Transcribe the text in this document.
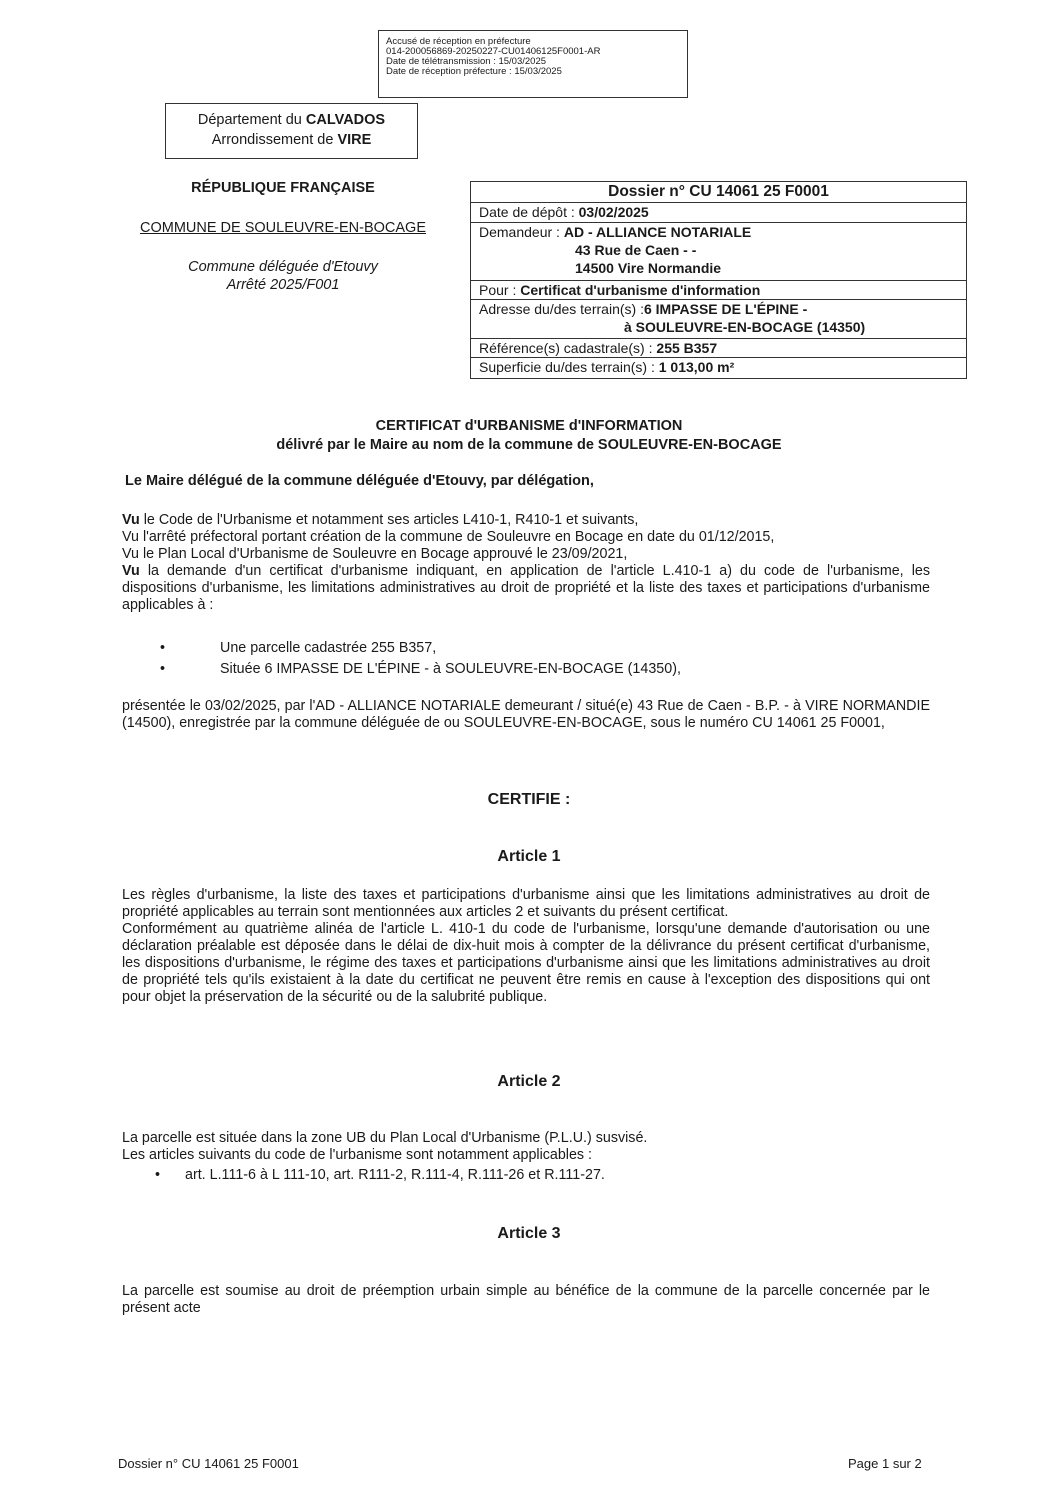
Accusé de réception en préfecture
014-200056869-20250227-CU01406125F0001-AR
Date de télétransmission : 15/03/2025
Date de réception préfecture : 15/03/2025
Département du CALVADOS
Arrondissement de VIRE
RÉPUBLIQUE FRANÇAISE
COMMUNE DE SOULEUVRE-EN-BOCAGE
Commune déléguée d'Etouvy
Arrêté 2025/F001
Dossier n° CU 14061 25 F0001
Date de dépôt : 03/02/2025
Demandeur : AD - ALLIANCE NOTARIALE
43 Rue de Caen - -
14500 Vire Normandie
Pour : Certificat d'urbanisme d'information
Adresse du/des terrain(s) :6 IMPASSE DE L'ÉPINE -
à SOULEUVRE-EN-BOCAGE (14350)
Référence(s) cadastrale(s) : 255 B357
Superficie du/des terrain(s) : 1 013,00 m²
CERTIFICAT d'URBANISME d'INFORMATION
délivré par le Maire au nom de la commune de SOULEUVRE-EN-BOCAGE
Le Maire délégué de la commune déléguée d'Etouvy, par délégation,
Vu le Code de l'Urbanisme et notamment ses articles L410-1, R410-1 et suivants,
Vu l'arrêté préfectoral portant création de la commune de Souleuvre en Bocage en date du 01/12/2015,
Vu le Plan Local d'Urbanisme de Souleuvre en Bocage approuvé le 23/09/2021,
Vu la demande d'un certificat d'urbanisme indiquant, en application de l'article L.410-1 a) du code de l'urbanisme, les dispositions d'urbanisme, les limitations administratives au droit de propriété et la liste des taxes et participations d'urbanisme applicables à :
•	Une parcelle cadastrée 255 B357,
•	Située 6 IMPASSE DE L'ÉPINE - à SOULEUVRE-EN-BOCAGE (14350),
présentée le 03/02/2025, par l'AD - ALLIANCE NOTARIALE demeurant / situé(e) 43 Rue de Caen - B.P. - à VIRE NORMANDIE (14500), enregistrée par la commune déléguée de ou SOULEUVRE-EN-BOCAGE, sous le numéro CU 14061 25 F0001,
CERTIFIE :
Article 1
Les règles d'urbanisme, la liste des taxes et participations d'urbanisme ainsi que les limitations administratives au droit de propriété applicables au terrain sont mentionnées aux articles 2 et suivants du présent certificat.
Conformément au quatrième alinéa de l'article L. 410-1 du code de l'urbanisme, lorsqu'une demande d'autorisation ou une déclaration préalable est déposée dans le délai de dix-huit mois à compter de la délivrance du présent certificat d'urbanisme, les dispositions d'urbanisme, le régime des taxes et participations d'urbanisme ainsi que les limitations administratives au droit de propriété tels qu'ils existaient à la date du certificat ne peuvent être remis en cause à l'exception des dispositions qui ont pour objet la préservation de la sécurité ou de la salubrité publique.
Article 2
La parcelle est située dans la zone UB du Plan Local d'Urbanisme (P.L.U.) susvisé.
Les articles suivants du code de l'urbanisme sont notamment applicables :
• art. L.111-6 à L 111-10, art. R111-2, R.111-4, R.111-26 et R.111-27.
Article 3
La parcelle est soumise au droit de préemption urbain simple au bénéfice de la commune de la parcelle concernée par le présent acte
Dossier n° CU 14061 25 F0001	Page 1 sur 2
